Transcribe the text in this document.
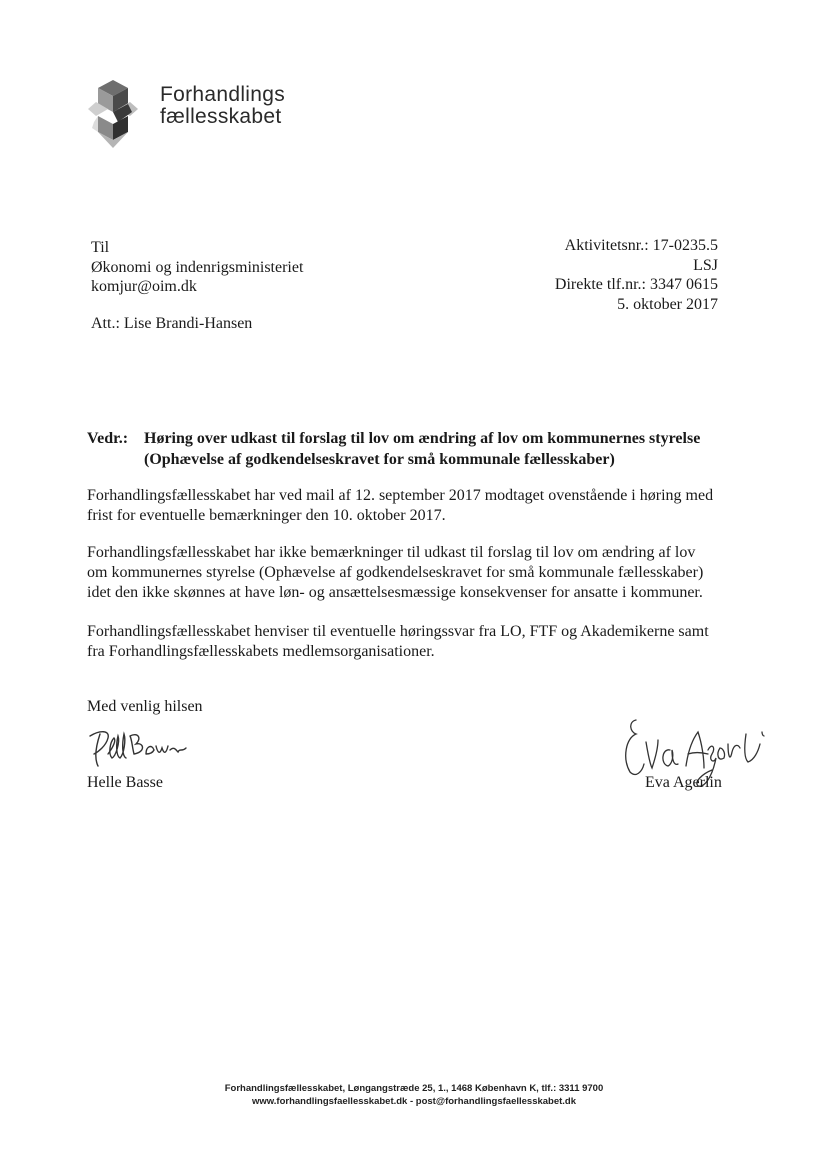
Forhandlings
fællesskabet
Til
Økonomi og indenrigsministeriet
komjur@oim.dk
Aktivitetsnr.: 17-0235.5
LSJ
Direkte tlf.nr.: 3347 0615
5. oktober 2017
Att.: Lise Brandi-Hansen
Vedr.: Høring over udkast til forslag til lov om ændring af lov om kommunernes styrelse
(Ophævelse af godkendelseskravet for små kommunale fællesskaber)
Forhandlingsfællesskabet har ved mail af 12. september 2017 modtaget ovenstående i høring med
frist for eventuelle bemærkninger den 10. oktober 2017.
Forhandlingsfællesskabet har ikke bemærkninger til udkast til forslag til lov om ændring af lov
om kommunernes styrelse (Ophævelse af godkendelseskravet for små kommunale fællesskaber)
idet den ikke skønnes at have løn- og ansættelsesmæssige konsekvenser for ansatte i kommuner.
Forhandlingsfællesskabet henviser til eventuelle høringssvar fra LO, FTF og Akademikerne samt
fra Forhandlingsfællesskabets medlemsorganisationer.
Med venlig hilsen
Helle Basse	Eva Agerlin
Forhandlingsfællesskabet, Løngangstræde 25, 1., 1468 København K, tlf.: 3311 9700
www.forhandlingsfaellesskabet.dk - post@forhandlingsfaellesskabet.dk
